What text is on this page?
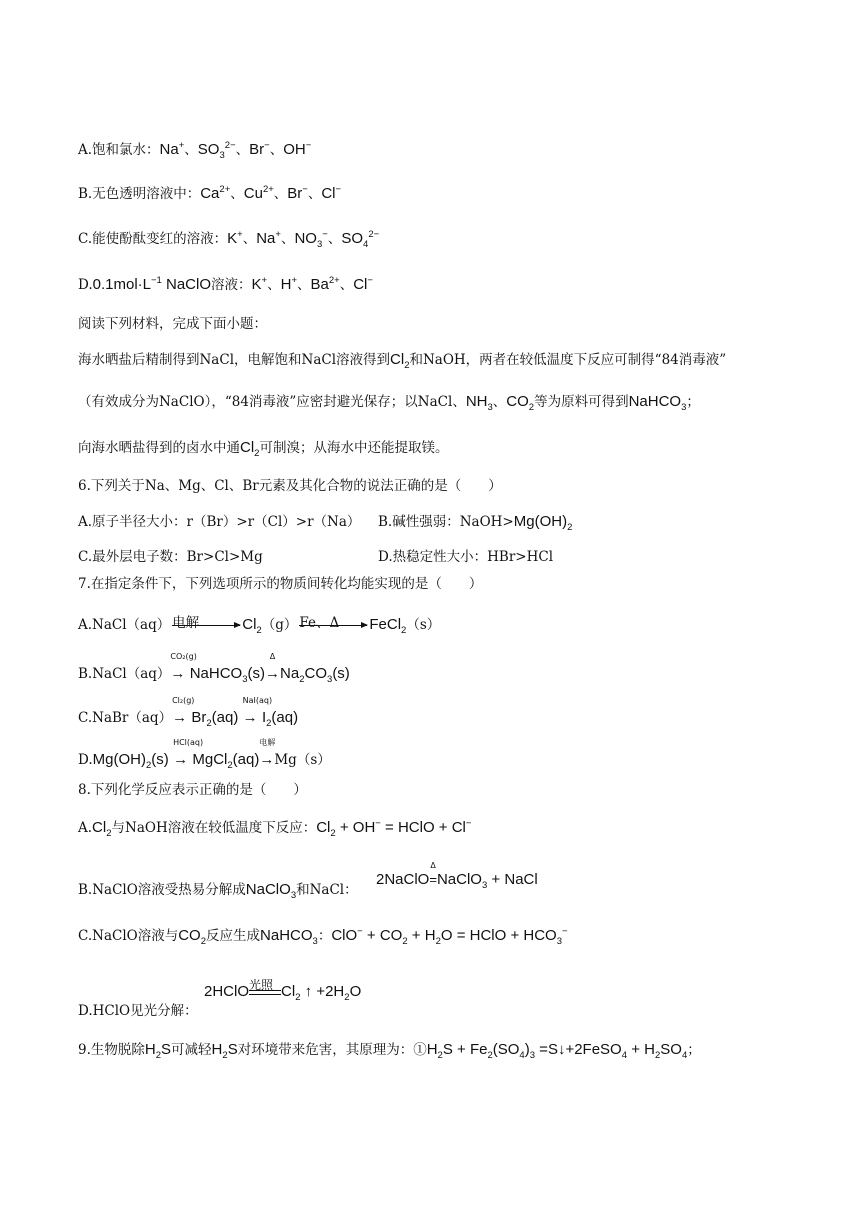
A.饱和氯水：Na+、$SO_3^{2-}$、Br−、OH−
B.无色透明溶液中：$Ca^{2+}$、$Cu^{2+}$、Br−、Cl−
C.能使酚酞变红的溶液：K+、Na+、$NO_3^-$、$SO_4^{2-}$
$D.0.1mol\cdot L^{-1}$ NaClO溶液：K+、H+、$Ba^{2+}$、Cl−
阅读下列材料，完成下面小题：
海水晒盐后精制得到NaCl，电解饱和NaCl溶液得到$Cl_2$和NaOH，两者在较低温度下反应可制得“84消毒液”
（有效成分为NaClO），“84消毒液”应密封避光保存；以NaCl、$NH_3$、$CO_2$等为原料可得到NaHCO$_3$；
向海水晒盐得到的卤水中通$Cl_2$可制溴；从海水中还能提取镁。
6.下列关于Na、Mg、Cl、Br元素及其化合物的说法正确的是（　　）
A.原子半径大小：r（Br）>r（Cl）>r（Na） B.碱性强弱：$NaOH>Mg(OH)_2$
C.最外层电子数：Br>Cl>Mg	D.热稳定性大小：HBr>HCl
7.在指定条件下，下列选项所示的物质间转化均能实现的是（　　）
A.NaCl（aq） 电解	$Cl_2(g)$ Fe、Δ FeCl$_2$（s）
B.NaCl（aq）
CO₂(g)
→ NaHCO$_3$(s)
Δ
$\to Na_2CO_3(s)$
C.NaBr（aq）
Cl₂(g)
→ $Br_2(aq)$
NaI(aq)
→ $I_2(aq)$
$D.Mg(OH)_2(s)$
HCl(aq)
→ MgCl$_2$(aq)
电解
→Mg（s）
8.下列化学反应表示正确的是（　　）
$A.Cl_2$与NaOH溶液在较低温度下反应：$Cl_2 + OH^-$ = HClO + Cl−
B.NaClO溶液受热易分解成NaClO$_3$和NaCl：
2NaClO
Δ
=NaClO$_3$ + NaCl
C.NaClO溶液与$CO_2$反应生成NaHCO$_3$：$ClO^- + CO_2 + H_2O$ = HClO + $HCO_3^-$
2HClO 光照 $Cl_2$ ↑ $+2H_2O$
D.HClO见光分解：
9.生物脱除$H_2S$可减轻$H_2S$对环境带来危害，其原理为：$①H_2S + Fe_2(SO_4)_3$ =S↓+2FeSO$_4$ + $H_2SO_4$；
